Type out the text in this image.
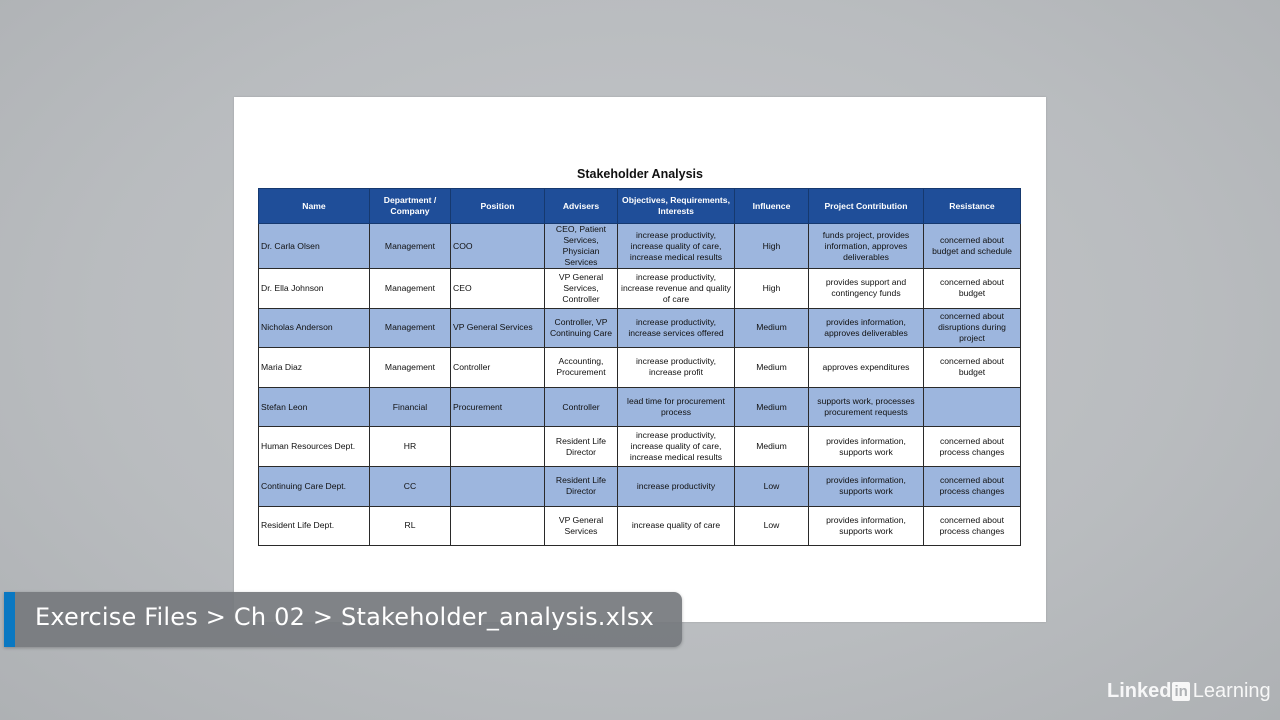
Stakeholder Analysis
Name	Department / Company	Position	Advisers	Objectives, Requirements, Interests	Influence	Project Contribution	Resistance
Dr. Carla Olsen	Management	COO	CEO, Patient Services, Physician Services	increase productivity, increase quality of care, increase medical results	High	funds project, provides information, approves deliverables	concerned about budget and schedule
Dr. Ella Johnson	Management	CEO	VP General Services, Controller	increase productivity, increase revenue and quality of care	High	provides support and contingency funds	concerned about budget
Nicholas Anderson	Management	VP General Services	Controller, VP Continuing Care	increase productivity, increase services offered	Medium	provides information, approves deliverables	concerned about disruptions during project
Maria Diaz	Management	Controller	Accounting, Procurement	increase productivity, increase profit	Medium	approves expenditures	concerned about budget
Stefan Leon	Financial	Procurement	Controller	lead time for procurement process	Medium	supports work, processes procurement requests	
Human Resources Dept.	HR		Resident Life Director	increase productivity, increase quality of care, increase medical results	Medium	provides information, supports work	concerned about process changes
Continuing Care Dept.	CC		Resident Life Director	increase productivity	Low	provides information, supports work	concerned about process changes
Resident Life Dept.	RL		VP General Services	increase quality of care	Low	provides information, supports work	concerned about process changes
Exercise Files > Ch 02 > Stakeholder_analysis.xlsx
Linked in Learning
